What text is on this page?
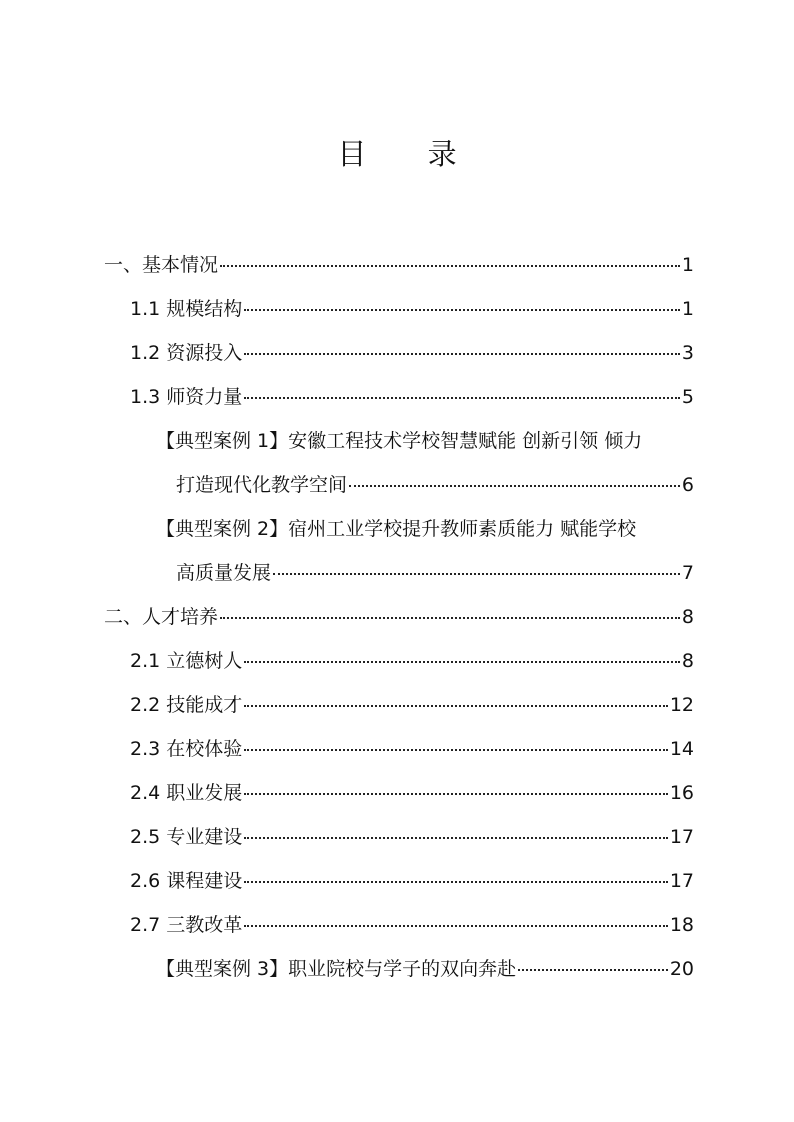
目 录
一、基本情况	1
1.1 规模结构	1
1.2 资源投入	3
1.3 师资力量	5
【典型案例 1】安徽工程技术学校智慧赋能 创新引领 倾力
打造现代化教学空间	6
【典型案例 2】宿州工业学校提升教师素质能力 赋能学校
高质量发展	7
二、人才培养	8
2.1 立德树人	8
2.2 技能成才	12
2.3 在校体验	14
2.4 职业发展	16
2.5 专业建设	17
2.6 课程建设	17
2.7 三教改革	18
【典型案例 3】职业院校与学子的双向奔赴	20
